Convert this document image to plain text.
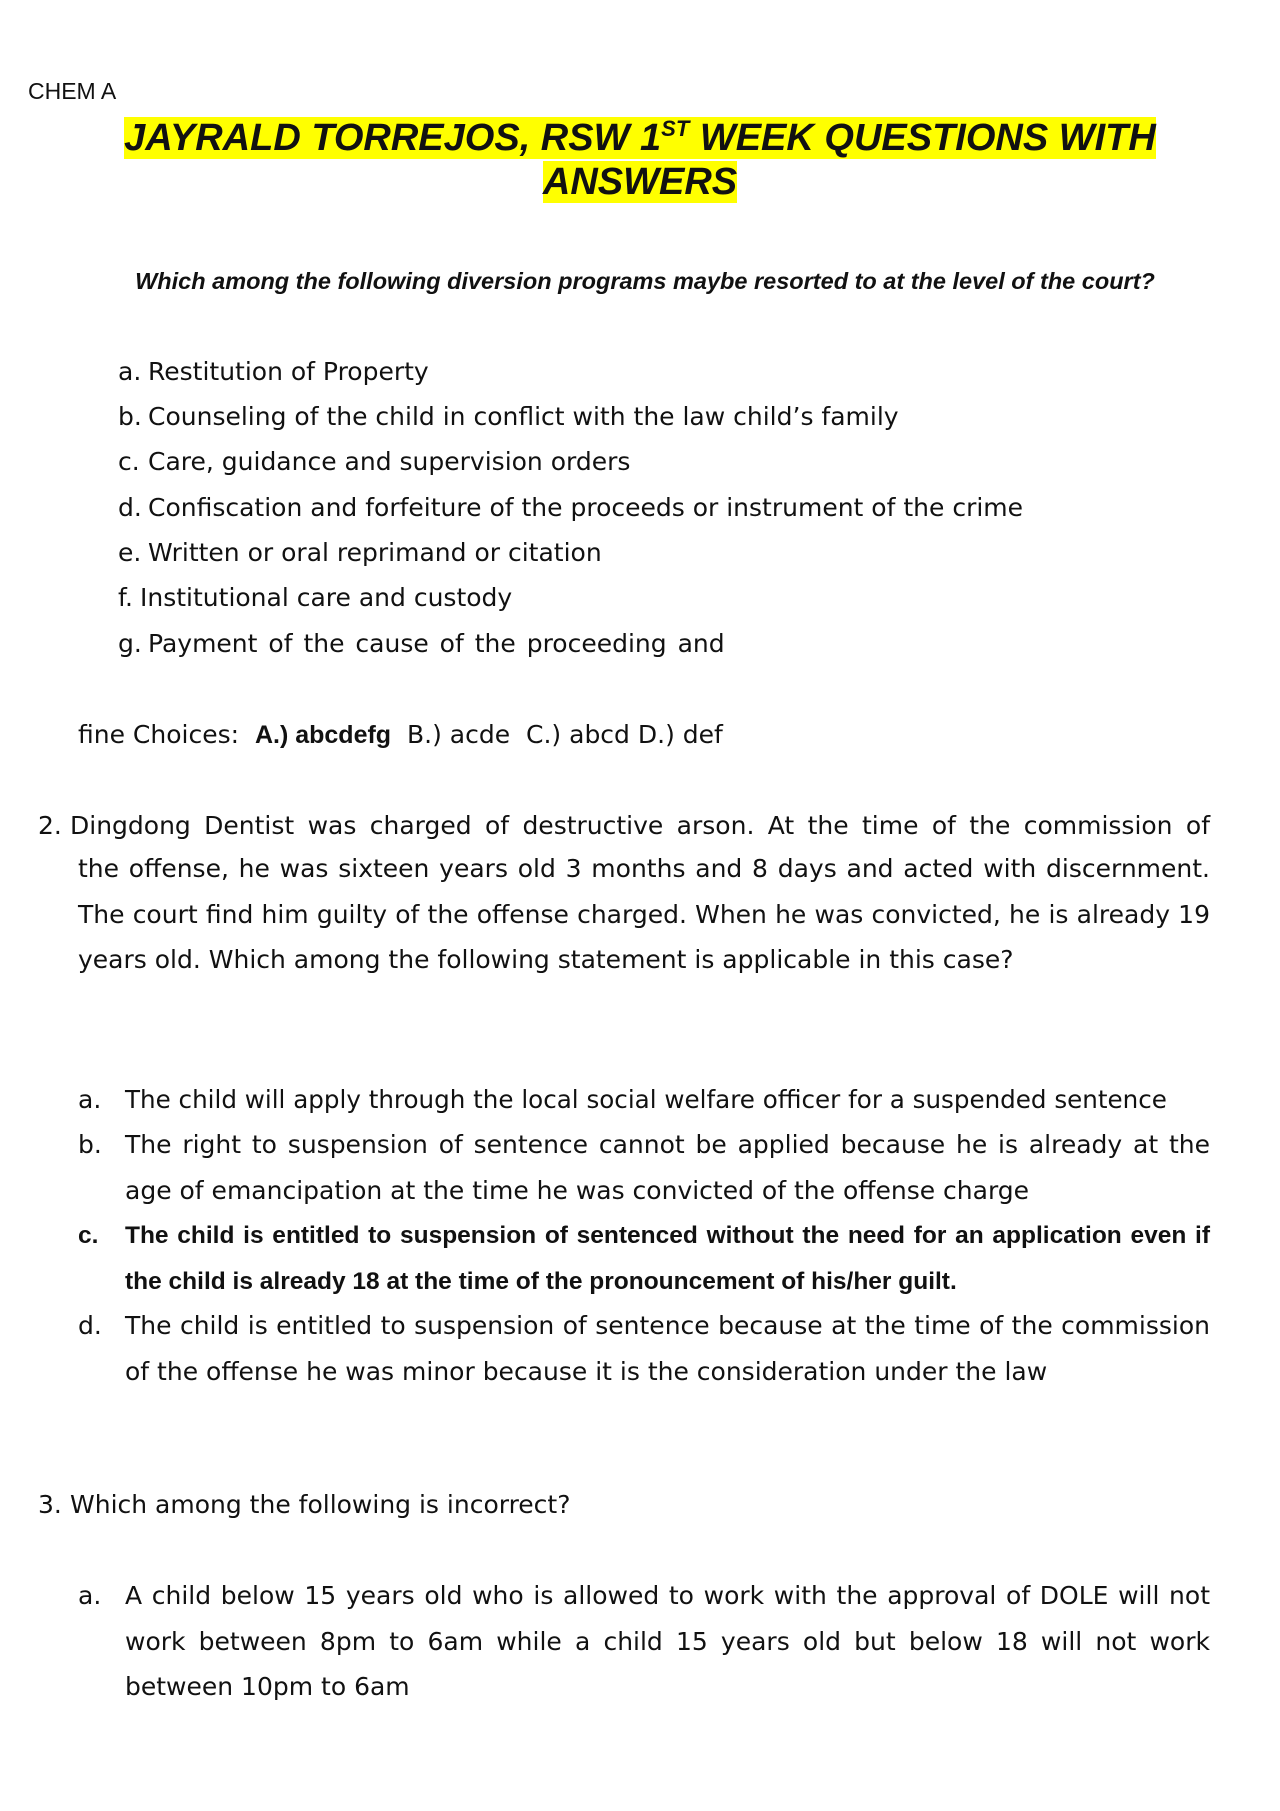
CHEM A
JAYRALD TORREJOS, RSW 1ST WEEK QUESTIONS WITH
ANSWERS
Which among the following diversion programs maybe resorted to at the level of the court?
a. Restitution of Property
b. Counseling of the child in conflict with the law child’s family
c. Care, guidance and supervision orders
d. Confiscation and forfeiture of the proceeds or instrument of the crime
e. Written or oral reprimand or citation
f. Institutional care and custody
g. Payment of the cause of the proceeding and
fine Choices: A.) abcdefg B.) acde C.) abcd D.) def
2. Dingdong Dentist was charged of destructive arson. At the time of the commission of
the offense, he was sixteen years old 3 months and 8 days and acted with discernment. The court find him guilty of the offense charged. When he was convicted, he is already 19 years old. Which among the following statement is applicable in this case?
a. The child will apply through the local social welfare officer for a suspended sentence
b. The right to suspension of sentence cannot be applied because he is already at the age of emancipation at the time he was convicted of the offense charge
c. The child is entitled to suspension of sentenced without the need for an application even if the child is already 18 at the time of the pronouncement of his/her guilt.
d. The child is entitled to suspension of sentence because at the time of the commission of the offense he was minor because it is the consideration under the law
3. Which among the following is incorrect?
a. A child below 15 years old who is allowed to work with the approval of DOLE will not work between 8pm to 6am while a child 15 years old but below 18 will not work between 10pm to 6am
